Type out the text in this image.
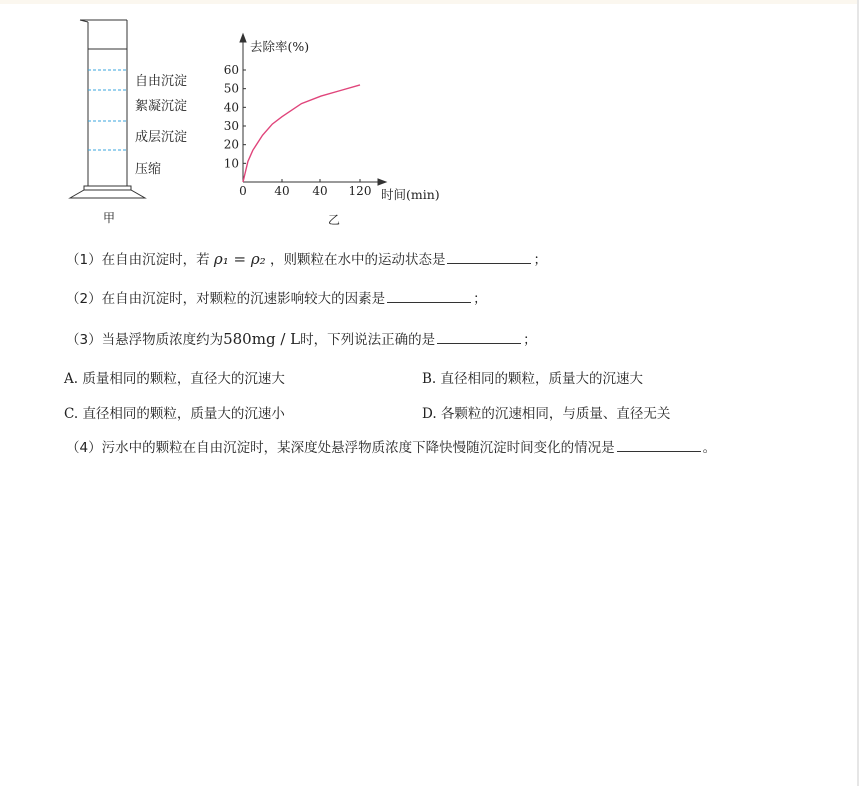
自由沉淀
絮凝沉淀
成层沉淀
压缩
甲
10
20
30
40
50
60
0 40 40 120
去除率(%)
时间(min)
乙
（1）在自由沉淀时，若 ρ₁ = ρ₂ ，则颗粒在水中的运动状态是	；
（2）在自由沉淀时，对颗粒的沉速影响较大的因素是	；
（3）当悬浮物质浓度约为580mg / L时，下列说法正确的是	；
A. 质量相同的颗粒，直径大的沉速大	B. 直径相同的颗粒，质量大的沉速大
C. 直径相同的颗粒，质量大的沉速小	D. 各颗粒的沉速相同，与质量、直径无关
（4）污水中的颗粒在自由沉淀时，某深度处悬浮物质浓度下降快慢随沉淀时间变化的情况是	。
